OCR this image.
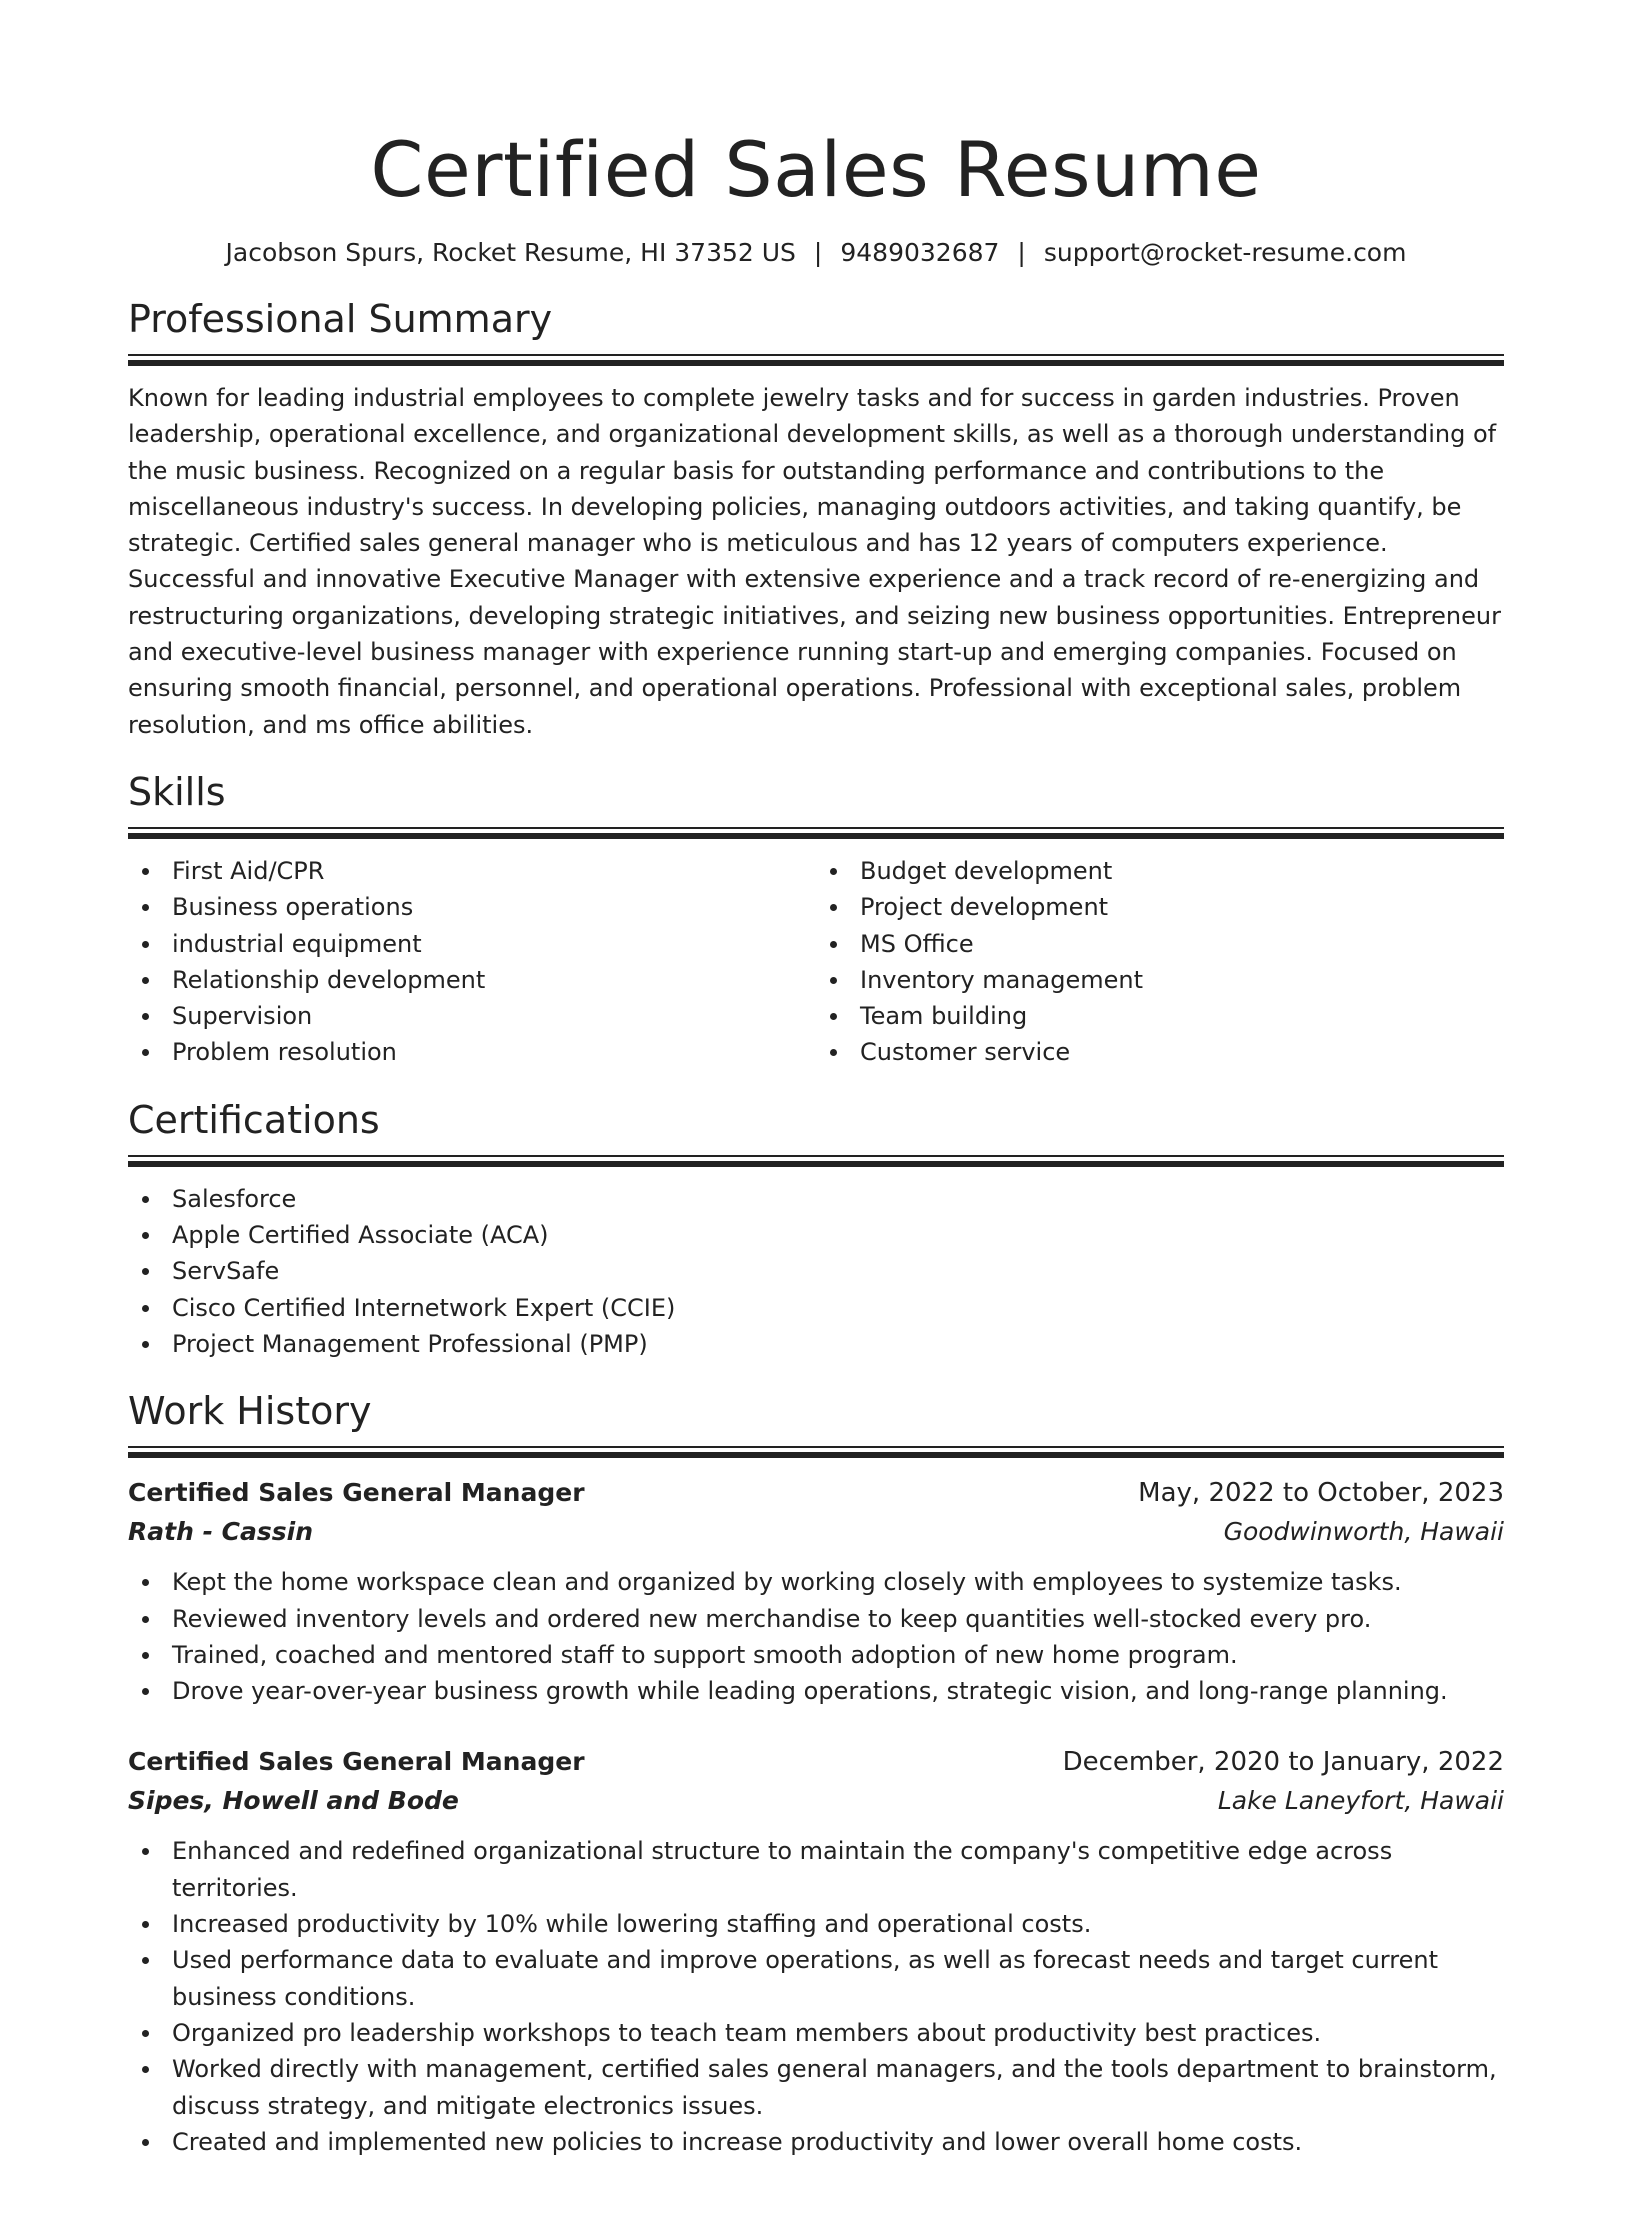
Certified Sales Resume
Jacobson Spurs, Rocket Resume, HI 37352 US | 9489032687 | support@rocket-resume.com
Professional Summary

Known for leading industrial employees to complete jewelry tasks and for success in garden industries. Proven leadership, operational excellence, and organizational development skills, as well as a thorough understanding of the music business. Recognized on a regular basis for outstanding performance and contributions to the miscellaneous industry's success. In developing policies, managing outdoors activities, and taking quantify, be strategic. Certified sales general manager who is meticulous and has 12 years of computers experience. Successful and innovative Executive Manager with extensive experience and a track record of re-energizing and restructuring organizations, developing strategic initiatives, and seizing new business opportunities. Entrepreneur and executive-level business manager with experience running start-up and emerging companies. Focused on ensuring smooth financial, personnel, and operational operations. Professional with exceptional sales, problem resolution, and ms office abilities.

Skills
First Aid/CPR
Business operations
industrial equipment
Relationship development
Supervision
Problem resolution
Budget development
Project development
MS Office
Inventory management
Team building
Customer service
Certifications
Salesforce
Apple Certified Associate (ACA)
ServSafe
Cisco Certified Internetwork Expert (CCIE)
Project Management Professional (PMP)
Work History
Certified Sales General Manager	May, 2022 to October, 2023
Rath - Cassin	Goodwinworth, Hawaii
Kept the home workspace clean and organized by working closely with employees to systemize tasks.
Reviewed inventory levels and ordered new merchandise to keep quantities well-stocked every pro.
Trained, coached and mentored staff to support smooth adoption of new home program.
Drove year-over-year business growth while leading operations, strategic vision, and long-range planning.
Certified Sales General Manager	December, 2020 to January, 2022
Sipes, Howell and Bode	Lake Laneyfort, Hawaii
Enhanced and redefined organizational structure to maintain the company's competitive edge across territories.
Increased productivity by 10% while lowering staffing and operational costs.
Used performance data to evaluate and improve operations, as well as forecast needs and target current business conditions.
Organized pro leadership workshops to teach team members about productivity best practices.
Worked directly with management, certified sales general managers, and the tools department to brainstorm, discuss strategy, and mitigate electronics issues.
Created and implemented new policies to increase productivity and lower overall home costs.
